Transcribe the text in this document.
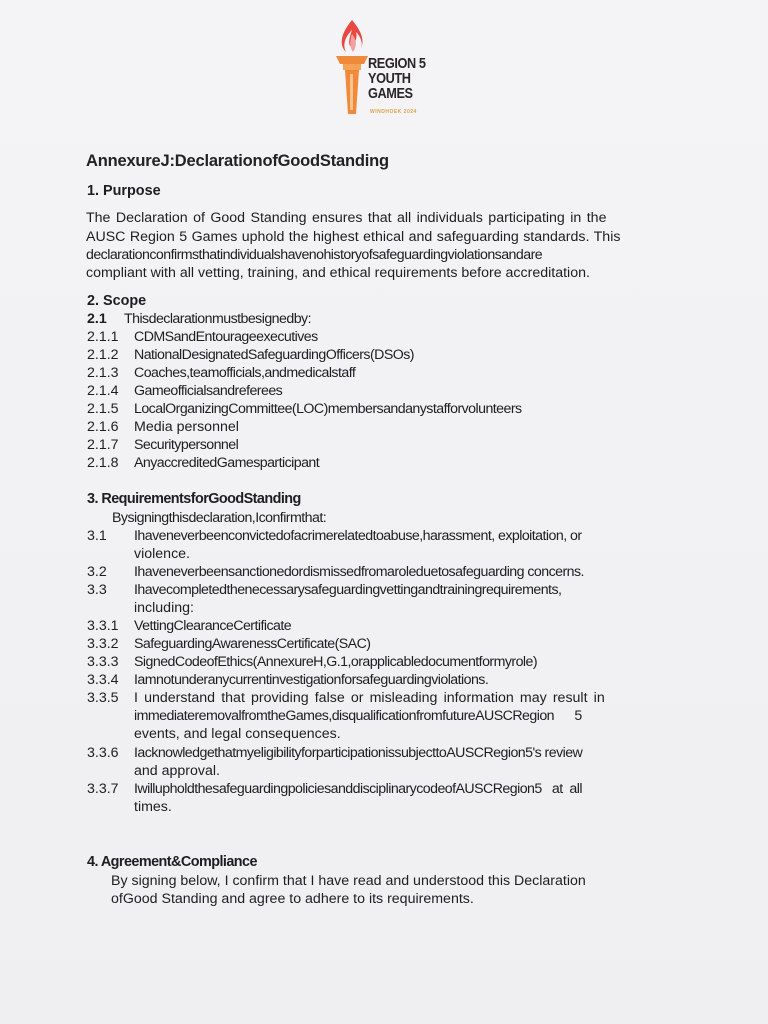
REGION 5
YOUTH
GAMES
WINDHOEK 2024
AnnexureJ:DeclarationofGoodStanding
1. Purpose
The Declaration of Good Standing ensures that all individuals participating in the
AUSC Region 5 Games uphold the highest ethical and safeguarding standards. This
declarationconfirmsthatindividualshavenohistoryofsafeguardingviolationsandare
compliant with all vetting, training, and ethical requirements before accreditation.
2. Scope
2.1 Thisdeclarationmustbesignedby:
2.1.1 CDMSandEntourageexecutives
2.1.2 NationalDesignatedSafeguardingOfficers(DSOs)
2.1.3 Coaches,teamofficials,andmedicalstaff
2.1.4 Gameofficialsandreferees
2.1.5 LocalOrganizingCommittee(LOC)membersandanystafforvolunteers
2.1.6 Media personnel
2.1.7 Securitypersonnel
2.1.8 AnyaccreditedGamesparticipant
3. RequirementsforGoodStanding
Bysigningthisdeclaration,Iconfirmthat:
3.1 Ihaveneverbeenconvictedofacrimerelatedtoabuse,harassment, exploitation, or
violence.
3.2 Ihaveneverbeensanctionedordismissedfromaroleduetosafeguarding concerns.
3.3 Ihavecompletedthenecessarysafeguardingvettingandtrainingrequirements,
including:
3.3.1 VettingClearanceCertificate
3.3.2 SafeguardingAwarenessCertificate(SAC)
3.3.3 SignedCodeofEthics(AnnexureH,G.1,orapplicabledocumentformyrole)
3.3.4 Iamnotunderanycurrentinvestigationforsafeguardingviolations.
3.3.5 I understand that providing false or misleading information may result in
immediateremovalfromtheGames,disqualificationfromfutureAUSCRegion      5
events, and legal consequences.
3.3.6 IacknowledgethatmyeligibilityforparticipationissubjecttoAUSCRegion5's review
and approval.
3.3.7 IwillupholdthesafeguardingpoliciesanddisciplinarycodeofAUSCRegion5   at  all
times.
4. Agreement&Compliance
By signing below, I confirm that I have read and understood this Declaration
ofGood Standing and agree to adhere to its requirements.
